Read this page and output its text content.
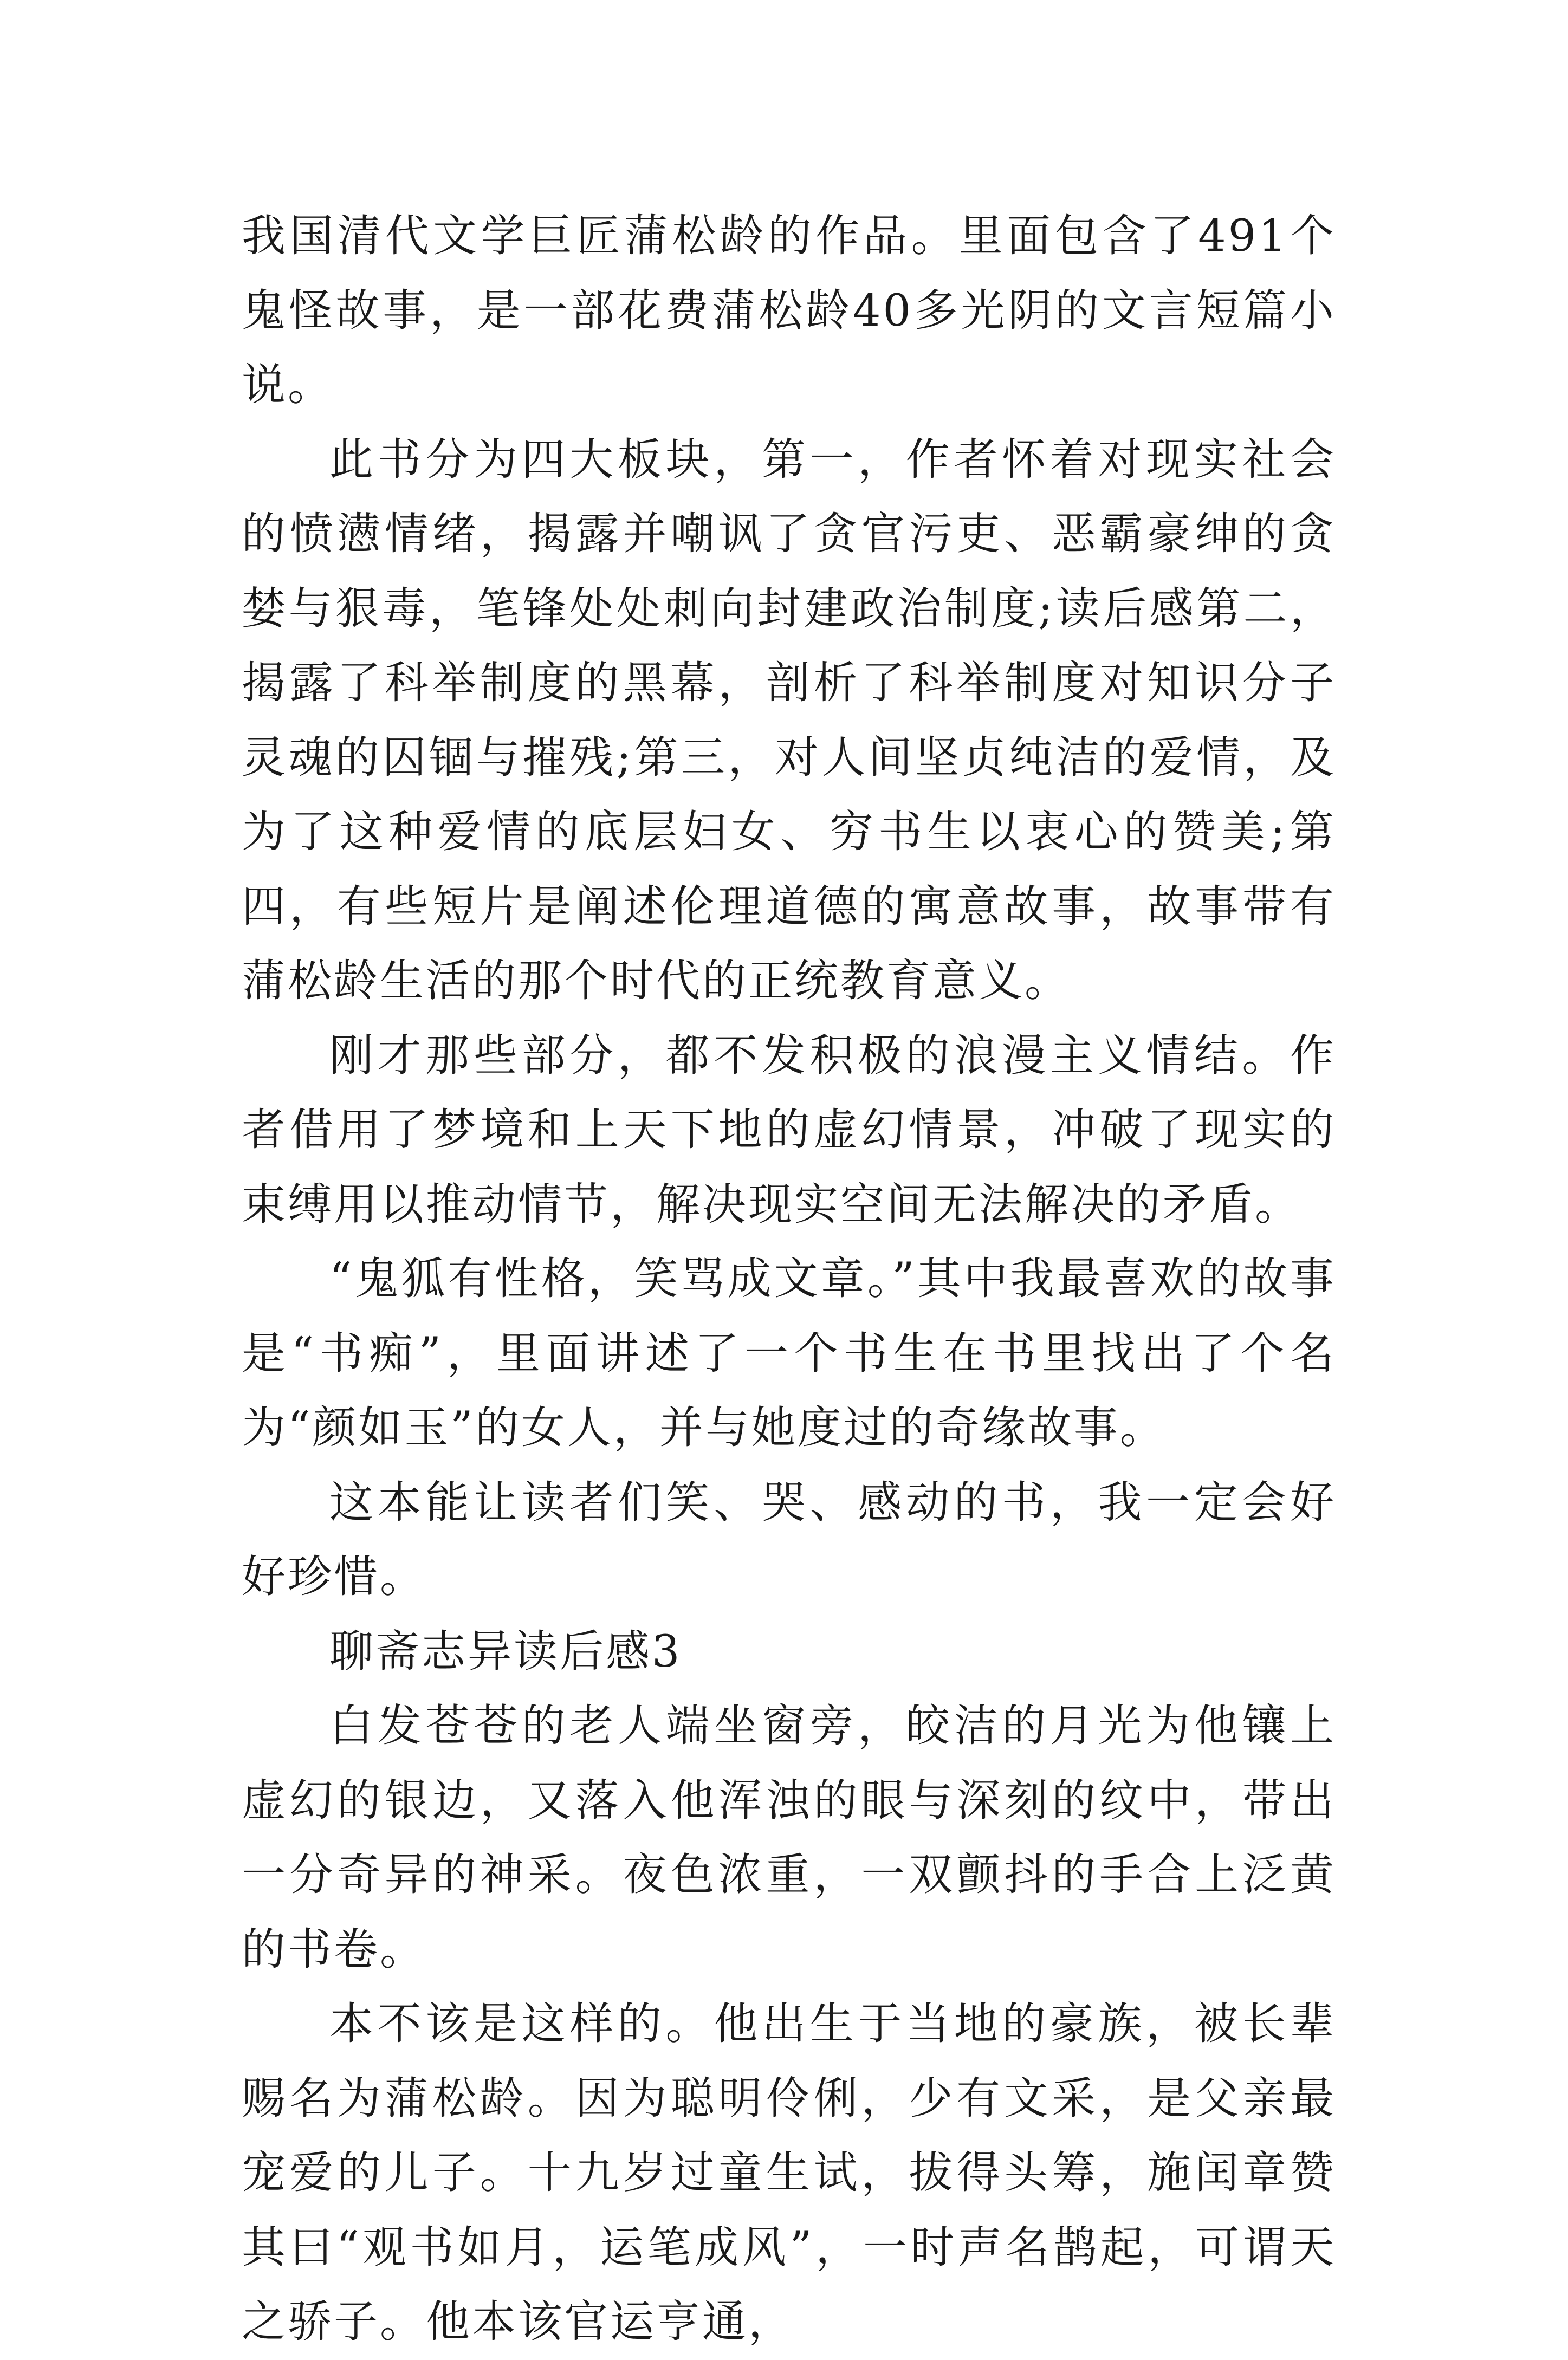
我国清代文学巨匠蒲松龄的作品。里面包含了491个鬼怪故事，是一部花费蒲松龄40多光阴的文言短篇小说。

此书分为四大板块，第一，作者怀着对现实社会的愤懑情绪，揭露并嘲讽了贪官污吏、恶霸豪绅的贪婪与狠毒，笔锋处处刺向封建政治制度;读后感第二，揭露了科举制度的黑幕，剖析了科举制度对知识分子灵魂的囚锢与摧残;第三，对人间坚贞纯洁的爱情，及为了这种爱情的底层妇女、穷书生以衷心的赞美;第四，有些短片是阐述伦理道德的寓意故事，故事带有蒲松龄生活的那个时代的正统教育意义。

刚才那些部分，都不发积极的浪漫主义情结。作者借用了梦境和上天下地的虚幻情景，冲破了现实的束缚用以推动情节，解决现实空间无法解决的矛盾。

“鬼狐有性格，笑骂成文章。”其中我最喜欢的故事是“书痴”，里面讲述了一个书生在书里找出了个名为“颜如玉”的女人，并与她度过的奇缘故事。

这本能让读者们笑、哭、感动的书，我一定会好好珍惜。

聊斋志异读后感3

白发苍苍的老人端坐窗旁，皎洁的月光为他镶上虚幻的银边，又落入他浑浊的眼与深刻的纹中，带出一分奇异的神采。夜色浓重，一双颤抖的手合上泛黄的书卷。

本不该是这样的。他出生于当地的豪族，被长辈赐名为蒲松龄。因为聪明伶俐，少有文采，是父亲最宠爱的儿子。十九岁过童生试，拔得头筹，施闰章赞其曰“观书如月，运笔成风”，一时声名鹊起，可谓天之骄子。他本该官运亨通，
